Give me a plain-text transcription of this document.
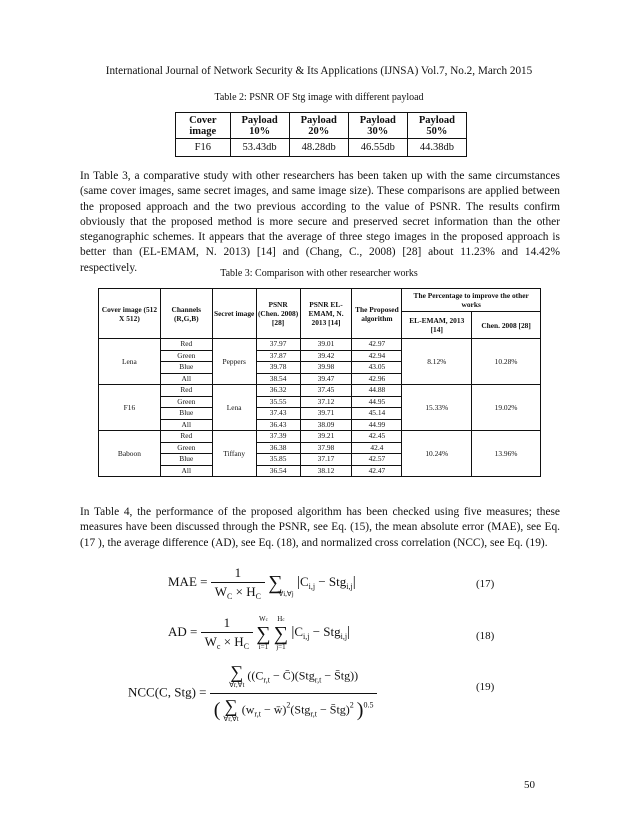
International Journal of Network Security & Its Applications (IJNSA) Vol.7, No.2, March 2015
Table 2: PSNR OF Stg image with different payload
Cover image	Payload 10%	Payload 20%	Payload 30%	Payload 50%
F16	53.43db	48.28db	46.55db	44.38db

In Table 3, a comparative study with other researchers has been taken up with the same circumstances (same cover images, same secret images, and same image size). These comparisons are applied between the proposed approach and the two previous according to the value of PSNR. The results confirm obviously that the proposed method is more secure and preserved secret information than the other steganographic schemes. It appears that the average of three stego images in the proposed approach is better than (EL-EMAM, N. 2013) [14] and (Chang, C., 2008) [28] about 11.23% and 14.42% respectively.	Table 3: Comparison with other researcher works
Cover image (512 X 512)	Channels (R,G,B)	Secret image	PSNR (Chen. 2008) [28]	PSNR EL-EMAM, N. 2013 [14]	The Proposed algorithm	The Percentage to improve the other works	
						EL-EMAM, 2013 [14]	Chen. 2008 [28]
Lena	Red	Peppers	37.97	39.01	42.97	8.12%	10.28%
	Green		37.87	39.42	42.94		
	Blue		39.78	39.98	43.05		
	All		38.54	39.47	42.96		
F16	Red	Lena	36.32	37.45	44.88	15.33%	19.02%
	Green		35.55	37.12	44.95		
	Blue		37.43	39.71	45.14		
	All		36.43	38.09	44.99		
Baboon	Red	Tiffany	37.39	39.21	42.45	10.24%	13.96%
	Green		36.38	37.98	42.4		
	Blue		35.85	37.17	42.57		
	All		36.54	38.12	42.47		

In Table 4, the performance of the proposed algorithm has been checked using five measures; these measures have been discussed through the PSNR, see Eq. (15), the mean absolute error (MAE), see Eq. (17 ), the average difference (AD), see Eq. (18), and normalized cross correlation (NCC), see Eq. (19).

MAE = $\frac{1}{W_C \times H_C} \sum_{\forall i,\forall j}$ $|C_{i,j} - Stg_{i,j}|$	(17)
AD = $\frac{1}{W_c \times H_C}$
Wc
∑
i=1

Hc
∑
j=1
$|C_{i,j} - Stg_{i,j}|$	(18)
NCC(C, Stg) =
∑
∀r,∀t
(($C_{r,t}$ − C̄)(Stg$_{r,t}$ − S̄tg))
( ∑
∀r,∀t
($w_{r,t}$ − w̄)$^2$(Stg$_{r,t}$ − S̄tg)$^2$ )$^{0.5}$
(19)
50
